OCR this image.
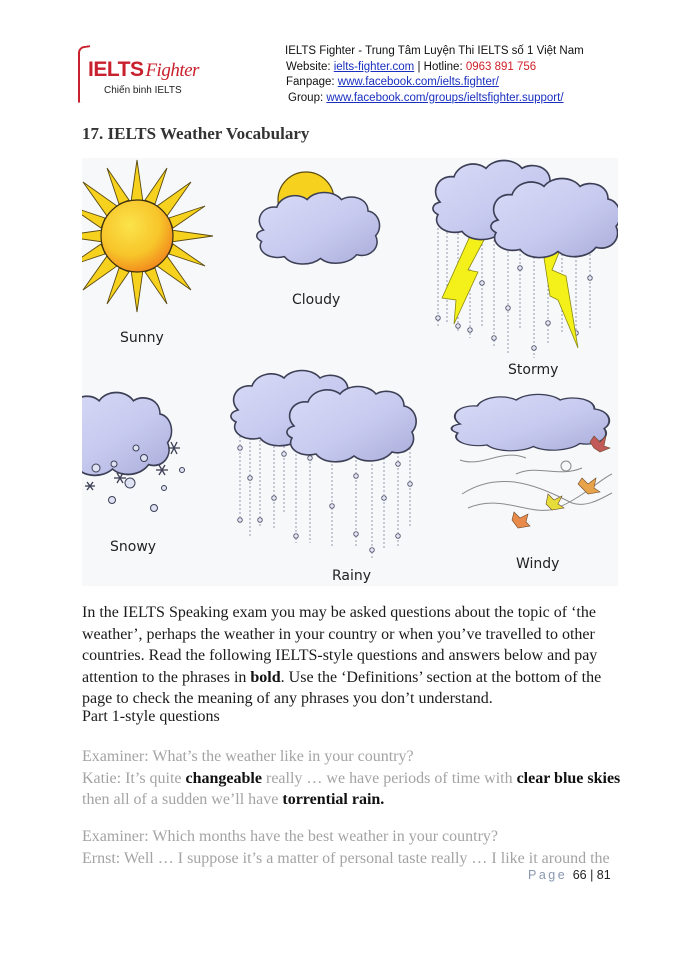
IELTS Fighter
Chiến binh IELTS
IELTS Fighter - Trung Tâm Luyện Thi IELTS số 1 Việt Nam
Website: ielts-fighter.com | Hotline: 0963 891 756
Fanpage: www.facebook.com/ielts.fighter/
Group: www.facebook.com/groups/ieltsfighter.support/
17. IELTS Weather Vocabulary
Sunny
Cloudy
Stormy
Snowy
Rainy
Windy
In the IELTS Speaking exam you may be asked questions about the topic of ‘the weather’, perhaps the weather in your country or when you’ve travelled to other countries. Read the following IELTS-style questions and answers below and pay attention to the phrases in bold. Use the ‘Definitions’ section at the bottom of the page to check the meaning of any phrases you don’t understand.
Part 1-style questions
Examiner: What’s the weather like in your country?
Katie: It’s quite changeable really … we have periods of time with clear blue skies then all of a sudden we’ll have torrential rain.
Examiner: Which months have the best weather in your country?
Ernst: Well … I suppose it’s a matter of personal taste really … I like it around the
Page 66 | 81
